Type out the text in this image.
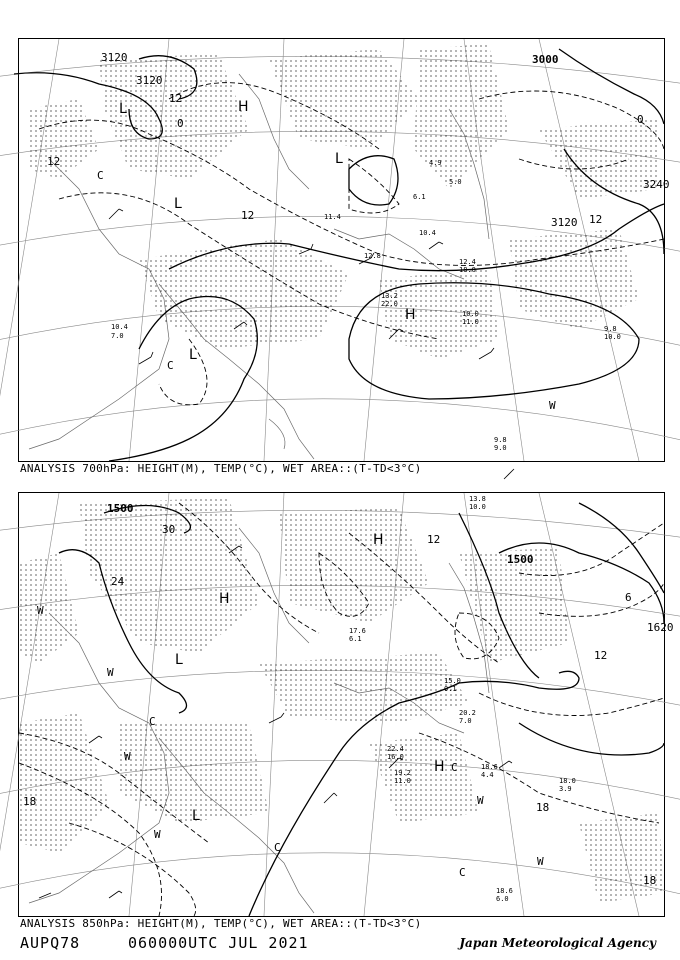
3120
3120
3000
3120
3240
12
12
12	12
0	0
H
H
L
L
L
L
C
C
W
10.4
7.0
9.8
10.0
12.4
18.0
13.2
22.0
10.0
11.0
9.8
9.0
11.4
12.8
10.4
4.9
5.0
6.1
ANALYSIS 700hPa: HEIGHT(M), TEMP(°C), WET AREA::(T-TD<3°C)
1500
1500
1620
30
24
12
12
18	18
18
6
H
H
H
L
L
W
W
W
W
W
W
C
C
C
C
19.2
11.0
22.4
16.0
18.0
3.9
18.6
6.0
18.6
4.4
20.2
7.0
15.0
0.1
17.6
6.1
13.8
10.0
ANALYSIS 850hPa: HEIGHT(M), TEMP(°C), WET AREA::(T-TD<3°C)
AUPQ78	060000UTC JUL 2021	Japan Meteorological Agency
